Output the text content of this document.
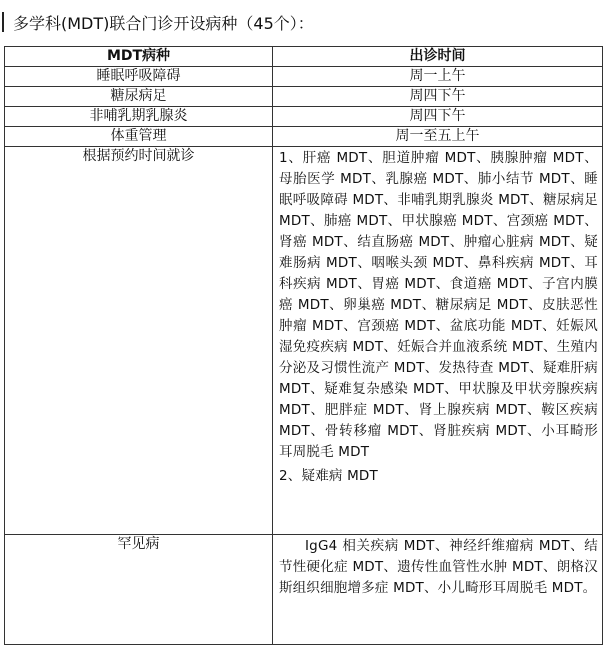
多学科(MDT)联合门诊开设病种（45个）：
MDT病种	出诊时间
睡眠呼吸障碍	周一上午
糖尿病足	周四下午
非哺乳期乳腺炎	周四下午
体重管理	周一至五上午
根据预约时间就诊	1、肝癌 MDT、胆道肿瘤 MDT、胰腺肿瘤 MDT、母胎医学 MDT、乳腺癌 MDT、肺小结节 MDT、睡眠呼吸障碍 MDT、非哺乳期乳腺炎 MDT、糖尿病足 MDT、肺癌 MDT、甲状腺癌 MDT、宫颈癌 MDT、肾癌 MDT、结直肠癌 MDT、肿瘤心脏病 MDT、疑难肠病 MDT、咽喉头颈 MDT、鼻科疾病 MDT、耳科疾病 MDT、胃癌 MDT、食道癌 MDT、子宫内膜癌 MDT、卵巢癌 MDT、糖尿病足 MDT、皮肤恶性肿瘤 MDT、宫颈癌 MDT、盆底功能 MDT、妊娠风湿免疫疾病 MDT、妊娠合并血液系统 MDT、生殖内分泌及习惯性流产 MDT、发热待查 MDT、疑难肝病 MDT、疑难复杂感染 MDT、甲状腺及甲状旁腺疾病 MDT、肥胖症 MDT、肾上腺疾病 MDT、鞍区疾病 MDT、骨转移瘤 MDT、肾脏疾病 MDT、小耳畸形耳周脱毛 MDT
2、疑难病 MDT

罕见病	IgG4 相关疾病 MDT、神经纤维瘤病 MDT、结节性硬化症 MDT、遗传性血管性水肿 MDT、朗格汉斯组织细胞增多症 MDT、小儿畸形耳周脱毛 MDT。
